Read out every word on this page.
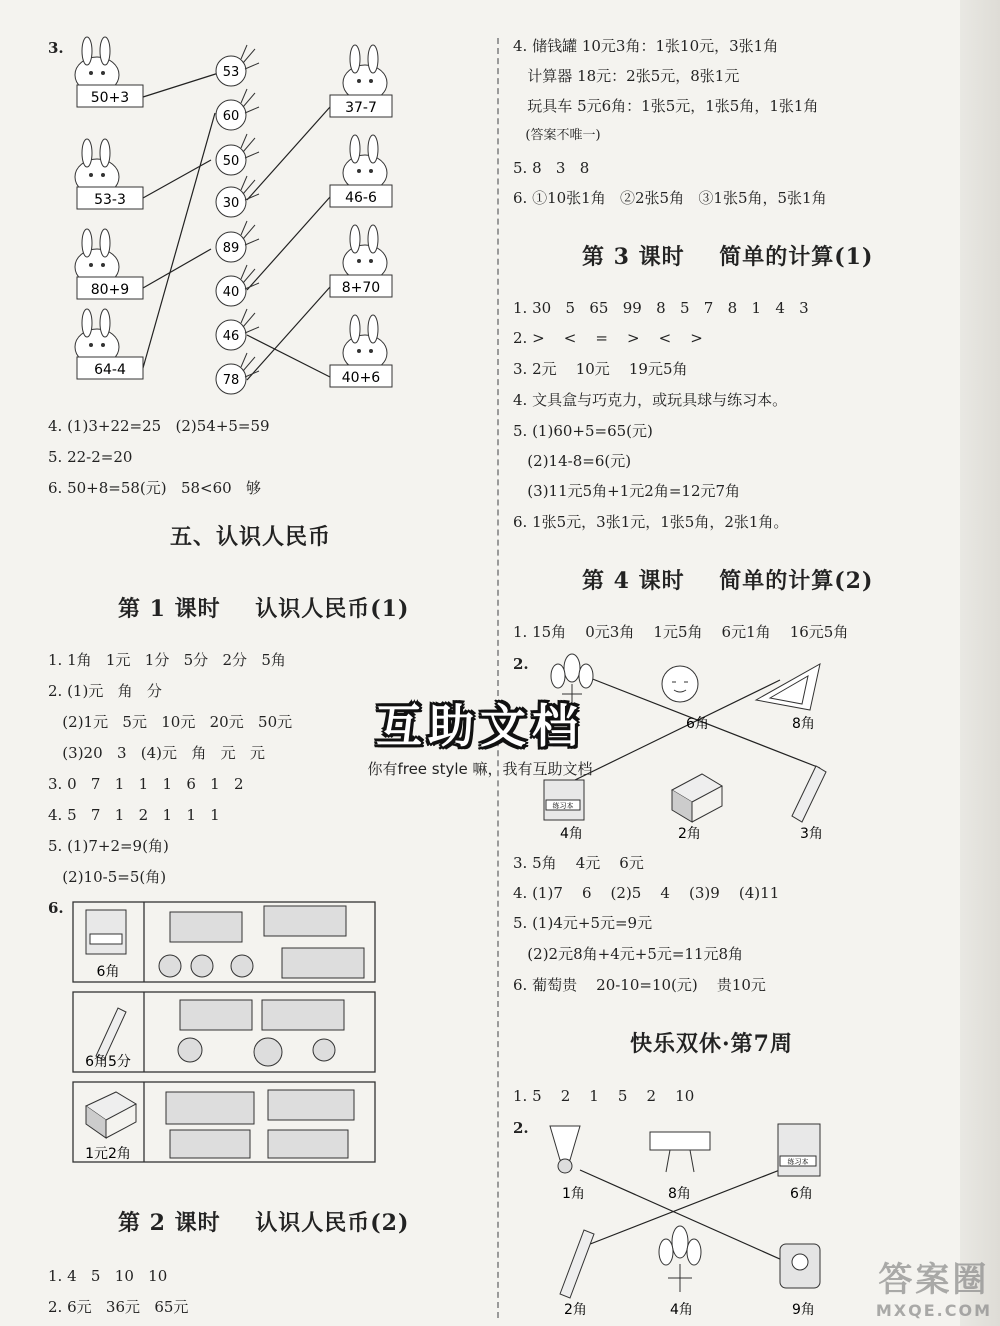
3.
50+3
53-3
80+9
64-4
53
60
50
30
89
40
46
78
37-7
46-6
8+70
40+6
4. (1)3+22=25   (2)54+5=59
5. 22-2=20
6. 50+8=58(元)   58<60   够
五、认识人民币
第 1 课时    认识人民币(1)
1. 1角   1元   1分   5分   2分   5角
2. (1)元   角   分
(2)1元   5元   10元   20元   50元
(3)20   3   (4)元   角   元   元
3. 0   7   1   1   1   6   1   2
4. 5   7   1   2   1   1   1
5. (1)7+2=9(角)
(2)10-5=5(角)
6.
6角
6角5分
1元2角
第 2 课时    认识人民币(2)
1. 4   5   10   10
2. 6元   36元   65元
4. 储钱罐 10元3角：1张10元，3张1角
计算器 18元：2张5元，8张1元
玩具车 5元6角：1张5元，1张5角，1张1角
(答案不唯一)
5. 8   3   8
6. ①10张1角   ②2张5角   ③1张5角，5张1角
第 3 课时    简单的计算(1)
1. 30   5   65   99   8   5   7   8   1   4   3
2. >    <    =    >    <    >
3. 2元    10元    19元5角
4. 文具盒与巧克力，或玩具球与练习本。
5. (1)60+5=65(元)
(2)14-8=6(元)
(3)11元5角+1元2角=12元7角
6. 1张5元，3张1元，1张5角，2张1角。
第 4 课时    简单的计算(2)
1. 15角    0元3角    1元5角    6元1角    16元5角
2.
6角	8角
练习本
4角	2角	3角
3. 5角    4元    6元
4. (1)7    6    (2)5    4    (3)9    (4)11
5. (1)4元+5元=9元
(2)2元8角+4元+5元=11元8角
6. 葡萄贵    20-10=10(元)    贵10元
快乐双休·第7周
1. 5    2    1    5    2    10
2.
1角	8角
练习本
6角
2角	4角	9角
互助文档
你有free style 嘛，我有互助文档
答案圈
MXQE.COM
